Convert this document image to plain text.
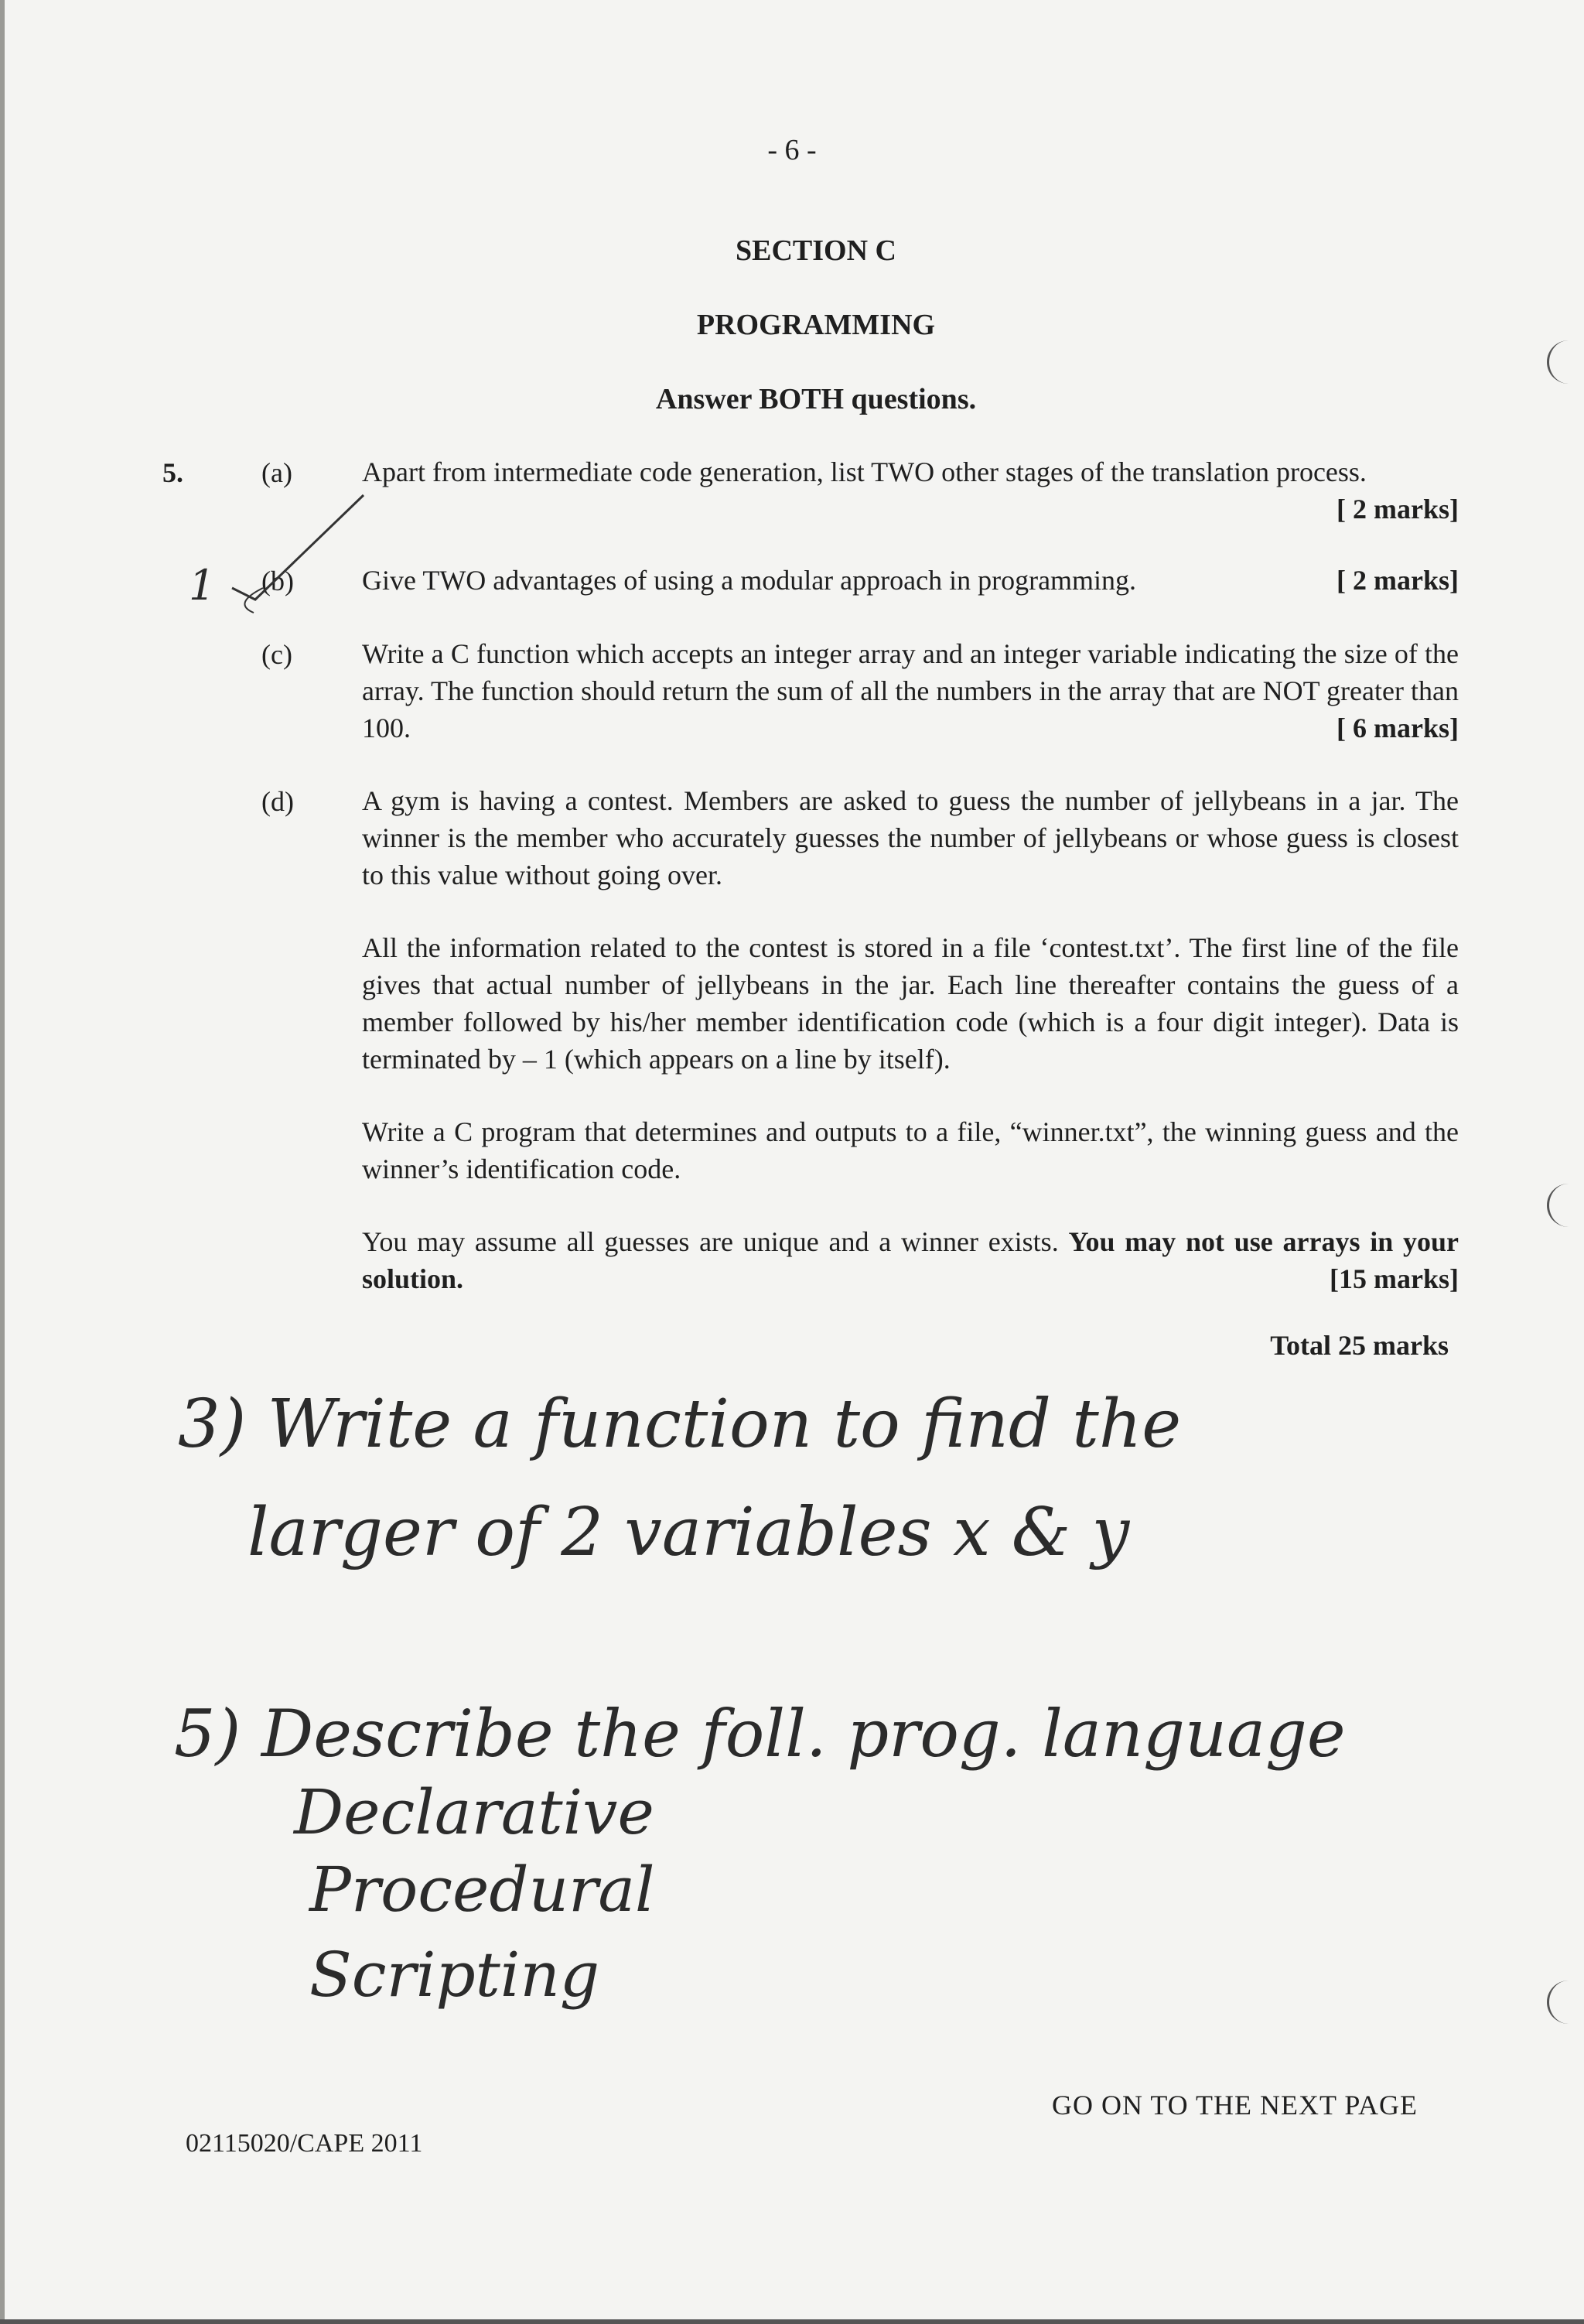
- 6 -
SECTION C
PROGRAMMING
Answer BOTH questions.
5.	(a)	Apart from intermediate code generation, list TWO other stages of the translation process.
[ 2 marks]
(b) Give TWO advantages of using a modular approach in programming.	[ 2 marks]
(c)	Write a C function which accepts an integer array and an integer variable indicating the size of the array. The function should return the sum of all the numbers in the array that are NOT greater than 100.	[ 6 marks]
(d) A gym is having a contest. Members are asked to guess the number of jellybeans in a jar. The winner is the member who accurately guesses the number of jellybeans or whose guess is closest to this value without going over.

All the information related to the contest is stored in a file ‘contest.txt’. The first line of the file gives that actual number of jellybeans in the jar. Each line thereafter contains the guess of a member followed by his/her member identification code (which is a four digit integer). Data is terminated by – 1 (which appears on a line by itself).

Write a C program that determines and outputs to a file, “winner.txt”, the winning guess and the winner’s identification code.

You may assume all guesses are unique and a winner exists. You may not use arrays in your solution.	[15 marks]

Total 25 marks
1
3) Write a function to find the
larger of 2 variables x & y
5) Describe the foll. prog. language
Declarative
Procedural
Scripting
GO ON TO THE NEXT PAGE
02115020/CAPE 2011
